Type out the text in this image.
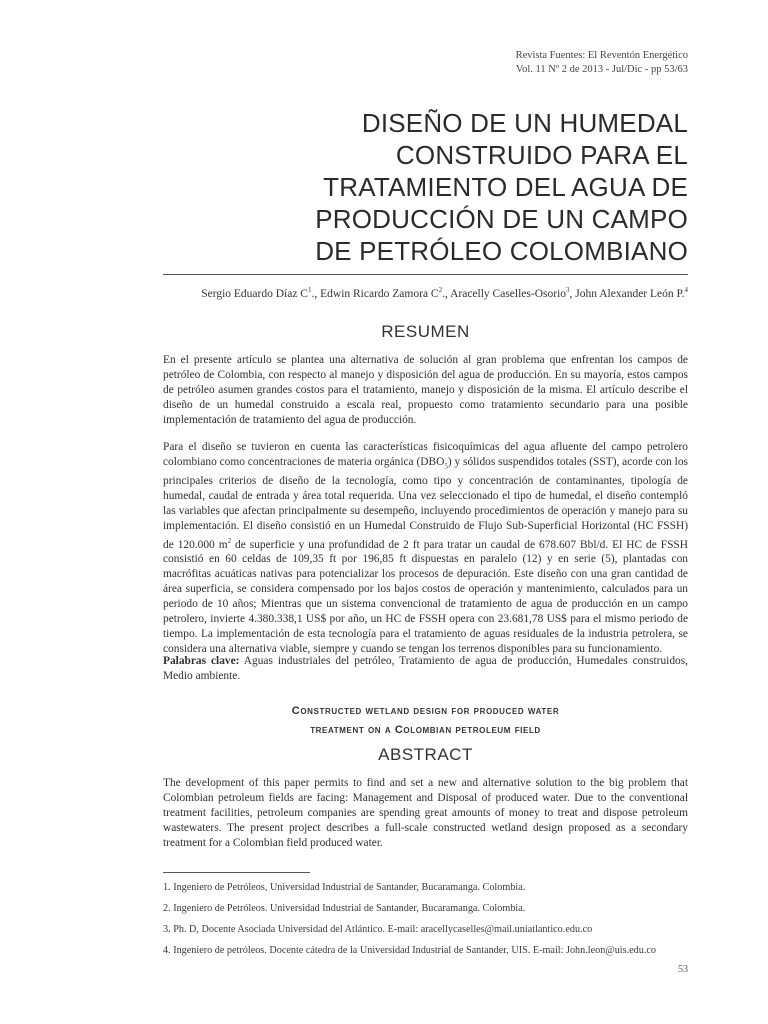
Revista Fuentes: El Reventón Energético
Vol. 11 Nº 2 de 2013 - Jul/Dic - pp 53/63
DISEÑO DE UN HUMEDAL
CONSTRUIDO PARA EL
TRATAMIENTO DEL AGUA DE
PRODUCCIÓN DE UN CAMPO
DE PETRÓLEO COLOMBIANO
Sergio Eduardo Díaz $C^1$., Edwin Ricardo Zamora $C^2$., Aracelly Caselles-Osorio$^3$, John Alexander León P.$^4$
RESUMEN
En el presente artículo se plantea una alternativa de solución al gran problema que enfrentan los campos de petróleo de Colombia, con respecto al manejo y disposición del agua de producción. En su mayoría, estos campos de petróleo asumen grandes costos para el tratamiento, manejo y disposición de la misma. El artículo describe el diseño de un humedal construido a escala real, propuesto como tratamiento secundario para una posible implementación de tratamiento del agua de producción.
Para el diseño se tuvieron en cuenta las características fisicoquímicas del agua afluente del campo petrolero colombiano como concentraciones de materia orgánica $(DBO_5)$ y sólidos suspendidos totales (SST), acorde con los principales criterios de diseño de la tecnología, como tipo y concentración de contaminantes, tipología de humedal, caudal de entrada y área total requerida. Una vez seleccionado el tipo de humedal, el diseño contempló las variables que afectan principalmente su desempeño, incluyendo procedimientos de operación y manejo para su implementación. El diseño consistió en un Humedal Construido de Flujo Sub-Superficial Horizontal (HC FSSH) de 120.000 $m^2$ de superficie y una profundidad de 2 ft para tratar un caudal de 678.607 Bbl/d. El HC de FSSH consistió en 60 celdas de 109,35 ft por 196,85 ft dispuestas en paralelo (12) y en serie (5), plantadas con macrófitas acuáticas nativas para potencializar los procesos de depuración. Este diseño con una gran cantidad de área superficia, se considera compensado por los bajos costos de operación y mantenimiento, calculados para un periodo de 10 años; Mientras que un sistema convencional de tratamiento de agua de producción en un campo petrolero, invierte 4.380.338,1 US$ por año, un HC de FSSH opera con 23.681,78 US$ para el mismo periodo de tiempo. La implementación de esta tecnología para el tratamiento de aguas residuales de la industria petrolera, se considera una alternativa viable, siempre y cuando se tengan los terrenos disponibles para su funcionamiento.
Palabras clave: Aguas industriales del petróleo, Tratamiento de agua de producción, Humedales construidos, Medio ambiente.
Constructed wetland design for produced water
treatment on a Colombian petroleum field
ABSTRACT
The development of this paper permits to find and set a new and alternative solution to the big problem that Colombian petroleum fields are facing: Management and Disposal of produced water. Due to the conventional treatment facilities, petroleum companies are spending great amounts of money to treat and dispose petroleum wastewaters. The present project describes a full-scale constructed wetland design proposed as a secondary treatment for a Colombian field produced water.
1. Ingeniero de Petróleos, Universidad Industrial de Santander, Bucaramanga. Colombia.
2. Ingeniero de Petróleos. Universidad Industrial de Santander, Bucaramanga. Colombia.
3. Ph. D, Docente Asociada Universidad del Atlántico. E-mail: aracellycaselles@mail.uniatlantico.edu.co
4. Ingeniero de petróleos. Docente cátedra de la Universidad Industrial de Santander, UIS. E-mail: John.leon@uis.edu.co
53
